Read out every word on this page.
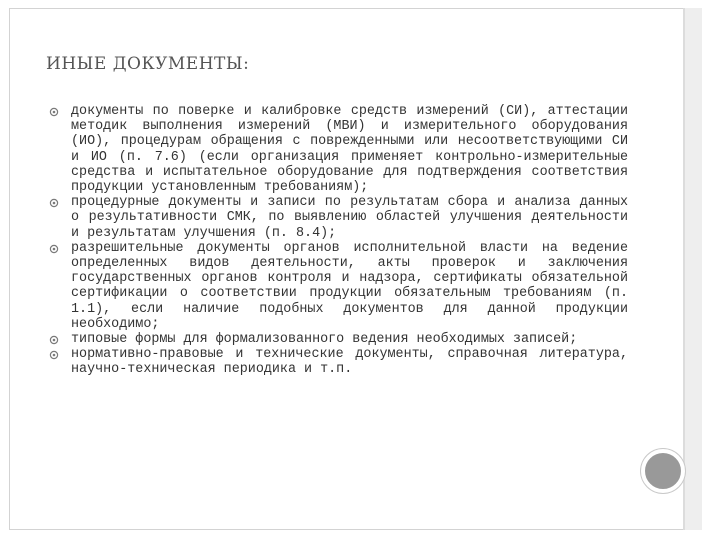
ИНЫЕ ДОКУМЕНТЫ:
документы по поверке и калибровке средств измерений (СИ), аттестации методик выполнения измерений (МВИ) и измерительного оборудования (ИО), процедурам обращения с поврежденными или несоответствующими СИ и ИО (п. 7.6) (если организация применяет контрольно-измерительные средства и испытательное оборудование для подтверждения соответствия продукции установленным требованиям);
процедурные документы и записи по результатам сбора и анализа данных о результативности СМК, по выявлению областей улучшения деятельности и результатам улучшения (п. 8.4);
разрешительные документы органов исполнительной власти на ведение определенных видов деятельности, акты проверок и заключения государственных органов контроля и надзора, сертификаты обязательной сертификации о соответствии продукции обязательным требованиям (п. 1.1), если наличие подобных документов для данной продукции необходимо;
типовые формы для формализованного ведения необходимых записей;
нормативно-правовые и технические документы, справочная литература, научно-техническая периодика и т.п.
